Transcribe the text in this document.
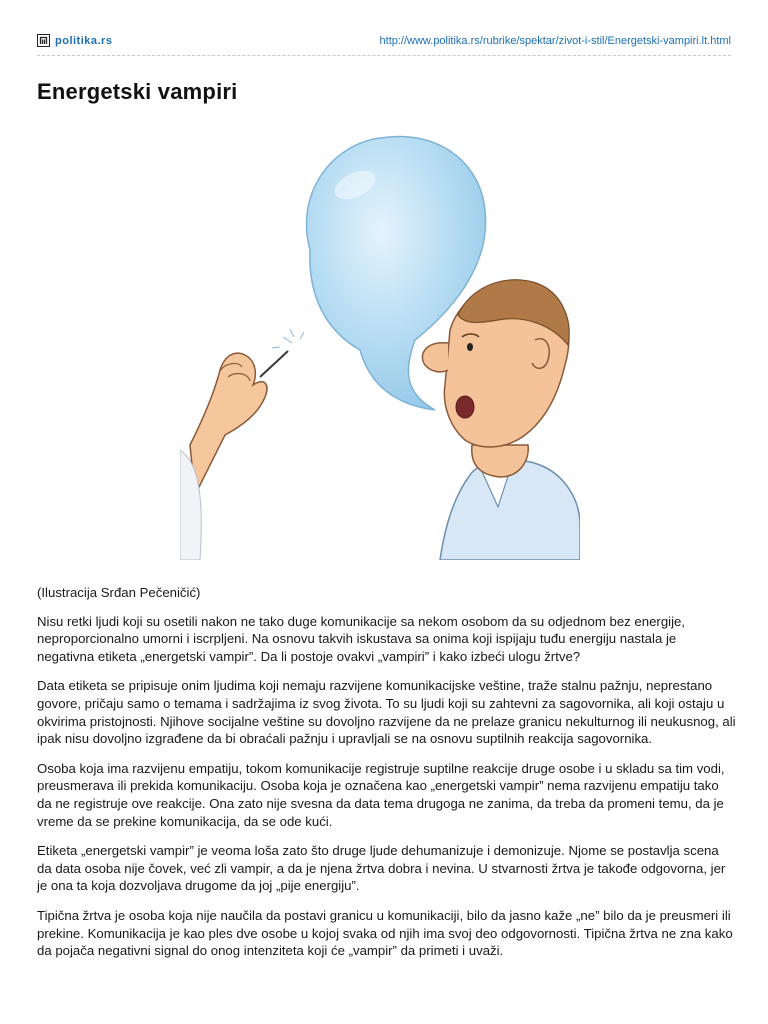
politika.rs	http://www.politika.rs/rubrike/spektar/zivot-i-stil/Energetski-vampiri.lt.html
Energetski vampiri

(Ilustracija Srđan Pečeničić)

Nisu retki ljudi koji su osetili nakon ne tako duge komunikacije sa nekom osobom da su odjednom bez energije, neproporcionalno umorni i iscrpljeni. Na osnovu takvih iskustava sa onima koji ispijaju tuđu energiju nastala je negativna etiketa „energetski vampir”. Da li postoje ovakvi „vampiri” i kako izbeći ulogu žrtve?

Data etiketa se pripisuje onim ljudima koji nemaju razvijene komunikacijske veštine, traže stalnu pažnju, neprestano govore, pričaju samo o temama i sadržajima iz svog života. To su ljudi koji su zahtevni za sagovornika, ali koji ostaju u okvirima pristojnosti. Njihove socijalne veštine su dovoljno razvijene da ne prelaze granicu nekulturnog ili neukusnog, ali ipak nisu dovoljno izgrađene da bi obraćali pažnju i upravljali se na osnovu suptilnih reakcija sagovornika.

Osoba koja ima razvijenu empatiju, tokom komunikacije registruje suptilne reakcije druge osobe i u skladu sa tim vodi, preusmerava ili prekida komunikaciju. Osoba koja je označena kao „energetski vampir” nema razvijenu empatiju tako da ne registruje ove reakcije. Ona zato nije svesna da data tema drugoga ne zanima, da treba da promeni temu, da je vreme da se prekine komunikacija, da se ode kući.

Etiketa „energetski vampir” je veoma loša zato što druge ljude dehumanizuje i demonizuje. Njome se postavlja scena da data osoba nije čovek, već zli vampir, a da je njena žrtva dobra i nevina. U stvarnosti žrtva je takođe odgovorna, jer je ona ta koja dozvoljava drugome da joj „pije energiju”.

Tipična žrtva je osoba koja nije naučila da postavi granicu u komunikaciji, bilo da jasno kaže „ne” bilo da je preusmeri ili prekine. Komunikacija je kao ples dve osobe u kojoj svaka od njih ima svoj deo odgovornosti. Tipična žrtva ne zna kako da pojača negativni signal do onog intenziteta koji će „vampir” da primeti i uvaži.
